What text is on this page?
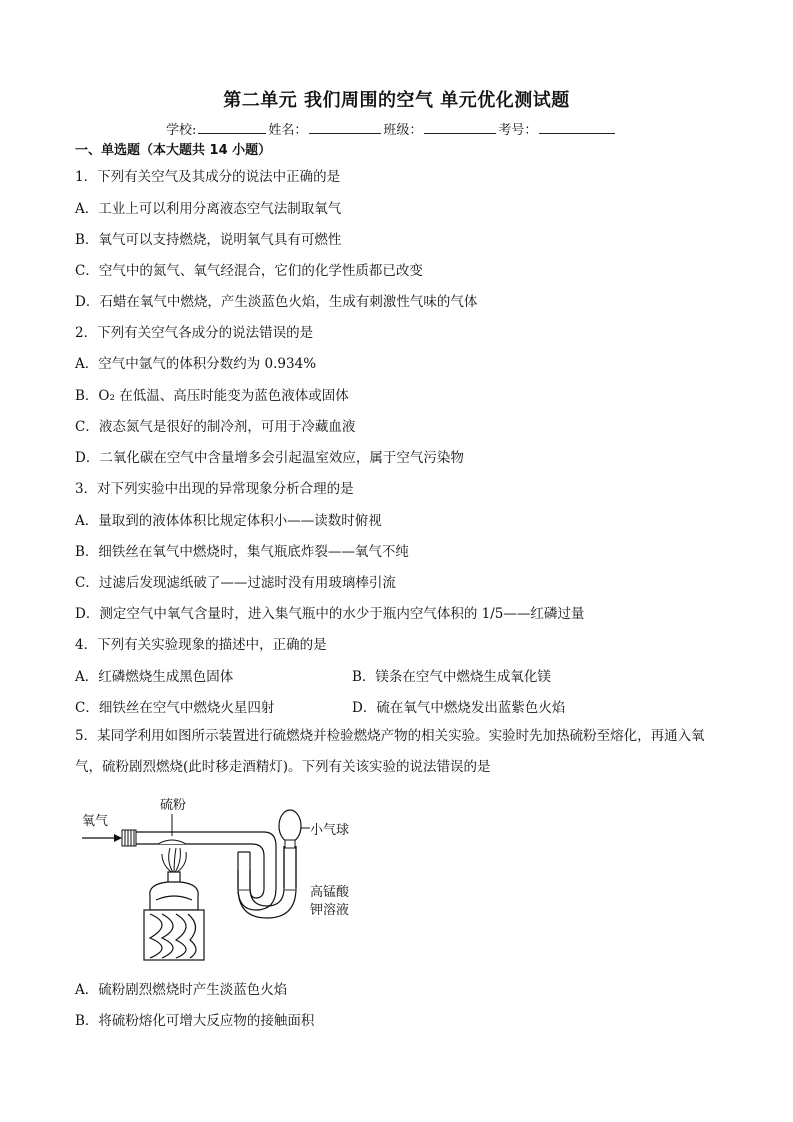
第二单元 我们周围的空气 单元优化测试题
学校:	姓名：	班级：	考号：
一、单选题（本大题共 14 小题）
1．下列有关空气及其成分的说法中正确的是
A．工业上可以利用分离液态空气法制取氧气
B．氧气可以支持燃烧，说明氧气具有可燃性
C．空气中的氮气、氧气经混合，它们的化学性质都已改变
D．石蜡在氧气中燃烧，产生淡蓝色火焰，生成有刺激性气味的气体
2．下列有关空气各成分的说法错误的是
A．空气中氩气的体积分数约为 0.934%
B．O₂ 在低温、高压时能变为蓝色液体或固体
C．液态氮气是很好的制冷剂，可用于冷藏血液
D．二氧化碳在空气中含量增多会引起温室效应，属于空气污染物
3．对下列实验中出现的异常现象分析合理的是
A．量取到的液体体积比规定体积小——读数时俯视
B．细铁丝在氧气中燃烧时，集气瓶底炸裂——氧气不纯
C．过滤后发现滤纸破了——过滤时没有用玻璃棒引流
D．测定空气中氧气含量时，进入集气瓶中的水少于瓶内空气体积的 1/5——红磷过量
4．下列有关实验现象的描述中，正确的是
A．红磷燃烧生成黑色固体	B．镁条在空气中燃烧生成氧化镁
C．细铁丝在空气中燃烧火星四射	D．硫在氧气中燃烧发出蓝紫色火焰
5．某同学利用如图所示装置进行硫燃烧并检验燃烧产物的相关实验。实验时先加热硫粉至熔化，再通入氧气，硫粉剧烈燃烧(此时移走酒精灯)。下列有关该实验的说法错误的是
氧气
硫粉
小气球
高锰酸
钾溶液
A．硫粉剧烈燃烧时产生淡蓝色火焰
B．将硫粉熔化可增大反应物的接触面积
